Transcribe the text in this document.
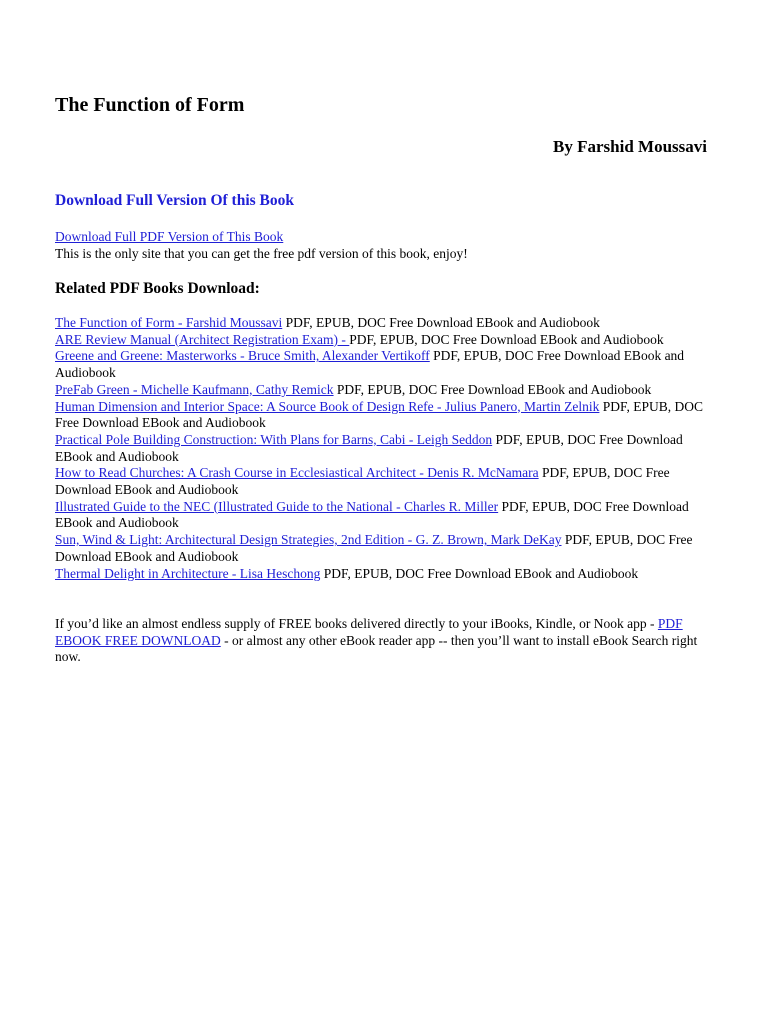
The Function of Form
By Farshid Moussavi
Download Full Version Of this Book
Download Full PDF Version of This Book
This is the only site that you can get the free pdf version of this book, enjoy!
Related PDF Books Download:
The Function of Form - Farshid Moussavi PDF, EPUB, DOC Free Download EBook and Audiobook
ARE Review Manual (Architect Registration Exam) - PDF, EPUB, DOC Free Download EBook and Audiobook
Greene and Greene: Masterworks - Bruce Smith, Alexander Vertikoff PDF, EPUB, DOC Free Download EBook and Audiobook
PreFab Green - Michelle Kaufmann, Cathy Remick PDF, EPUB, DOC Free Download EBook and Audiobook
Human Dimension and Interior Space: A Source Book of Design Refe - Julius Panero, Martin Zelnik PDF, EPUB, DOC Free Download EBook and Audiobook
Practical Pole Building Construction: With Plans for Barns, Cabi - Leigh Seddon PDF, EPUB, DOC Free Download EBook and Audiobook
How to Read Churches: A Crash Course in Ecclesiastical Architect - Denis R. McNamara PDF, EPUB, DOC Free Download EBook and Audiobook
Illustrated Guide to the NEC (Illustrated Guide to the National - Charles R. Miller PDF, EPUB, DOC Free Download EBook and Audiobook
Sun, Wind & Light: Architectural Design Strategies, 2nd Edition - G. Z. Brown, Mark DeKay PDF, EPUB, DOC Free Download EBook and Audiobook
Thermal Delight in Architecture - Lisa Heschong PDF, EPUB, DOC Free Download EBook and Audiobook

If you’d like an almost endless supply of FREE books delivered directly to your iBooks, Kindle, or Nook app - PDF EBOOK FREE DOWNLOAD - or almost any other eBook reader app -- then you’ll want to install eBook Search right now.
